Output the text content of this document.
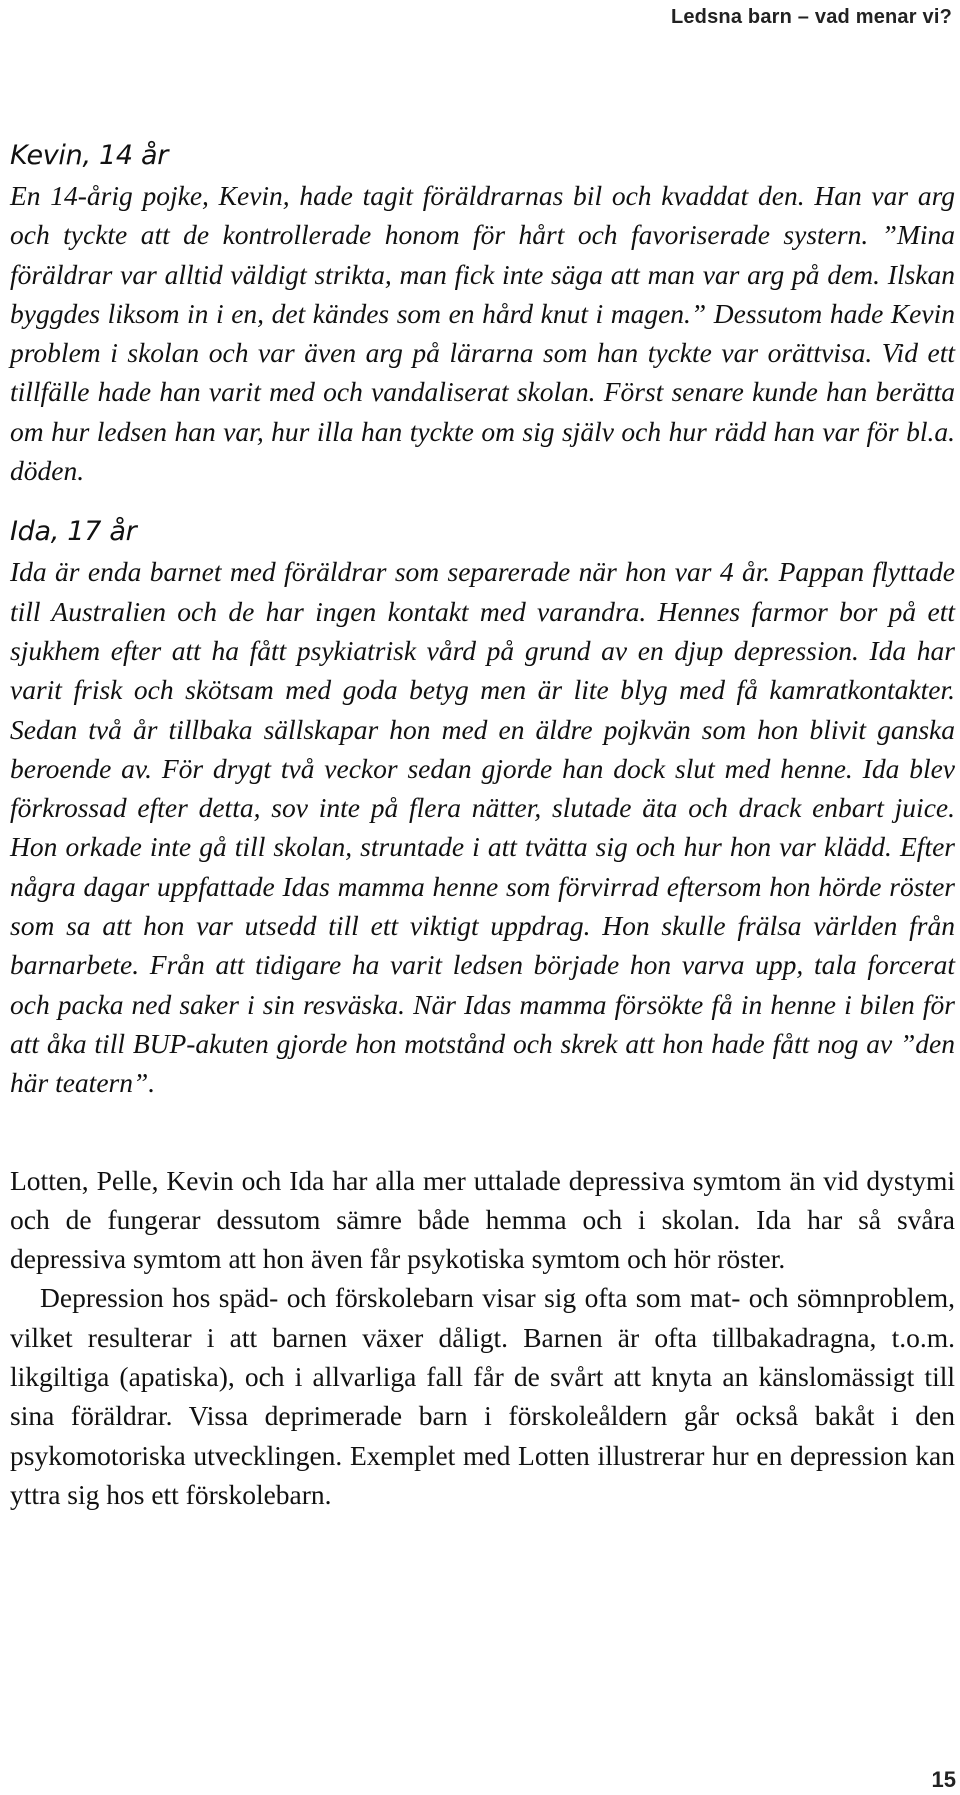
Ledsna barn – vad menar vi?
Kevin, 14 år

En 14-årig pojke, Kevin, hade tagit föräldrarnas bil och kvaddat den. Han var arg och tyckte att de kontrollerade honom för hårt och favoriserade systern. ”Mina föräldrar var alltid väldigt strikta, man fick inte säga att man var arg på dem. Ilskan byggdes liksom in i en, det kändes som en hård knut i magen.” Dessutom hade Kevin problem i skolan och var även arg på lärarna som han tyckte var orättvisa. Vid ett tillfälle hade han varit med och vandaliserat skolan. Först senare kunde han berätta om hur ledsen han var, hur illa han tyckte om sig själv och hur rädd han var för bl.a. döden.

Ida, 17 år

Ida är enda barnet med föräldrar som separerade när hon var 4 år. Pappan flyttade till Australien och de har ingen kontakt med varandra. Hennes farmor bor på ett sjukhem efter att ha fått psykiatrisk vård på grund av en djup depression. Ida har varit frisk och skötsam med goda betyg men är lite blyg med få kamratkontakter. Sedan två år tillbaka sällskapar hon med en äldre pojkvän som hon blivit ganska beroende av. För drygt två veckor sedan gjorde han dock slut med henne. Ida blev förkrossad efter detta, sov inte på flera nätter, slutade äta och drack enbart juice. Hon orkade inte gå till skolan, struntade i att tvätta sig och hur hon var klädd. Efter några dagar uppfattade Idas mamma henne som förvirrad eftersom hon hörde röster som sa att hon var utsedd till ett viktigt uppdrag. Hon skulle frälsa världen från barnarbete. Från att tidigare ha varit ledsen började hon varva upp, tala forcerat och packa ned saker i sin resväska. När Idas mamma försökte få in henne i bilen för att åka till BUP-akuten gjorde hon motstånd och skrek att hon hade fått nog av ”den här teatern”.

Lotten, Pelle, Kevin och Ida har alla mer uttalade depressiva symtom än vid dystymi och de fungerar dessutom sämre både hemma och i skolan. Ida har så svåra depressiva symtom att hon även får psykotiska symtom och hör röster.

Depression hos späd- och förskolebarn visar sig ofta som mat- och sömnproblem, vilket resulterar i att barnen växer dåligt. Barnen är ofta tillbakadragna, t.o.m. likgiltiga (apatiska), och i allvarliga fall får de svårt att knyta an känslomässigt till sina föräldrar. Vissa deprimerade barn i förskoleåldern går också bakåt i den psykomotoriska utvecklingen. Exemplet med Lotten illustrerar hur en depression kan yttra sig hos ett förskolebarn.

15
